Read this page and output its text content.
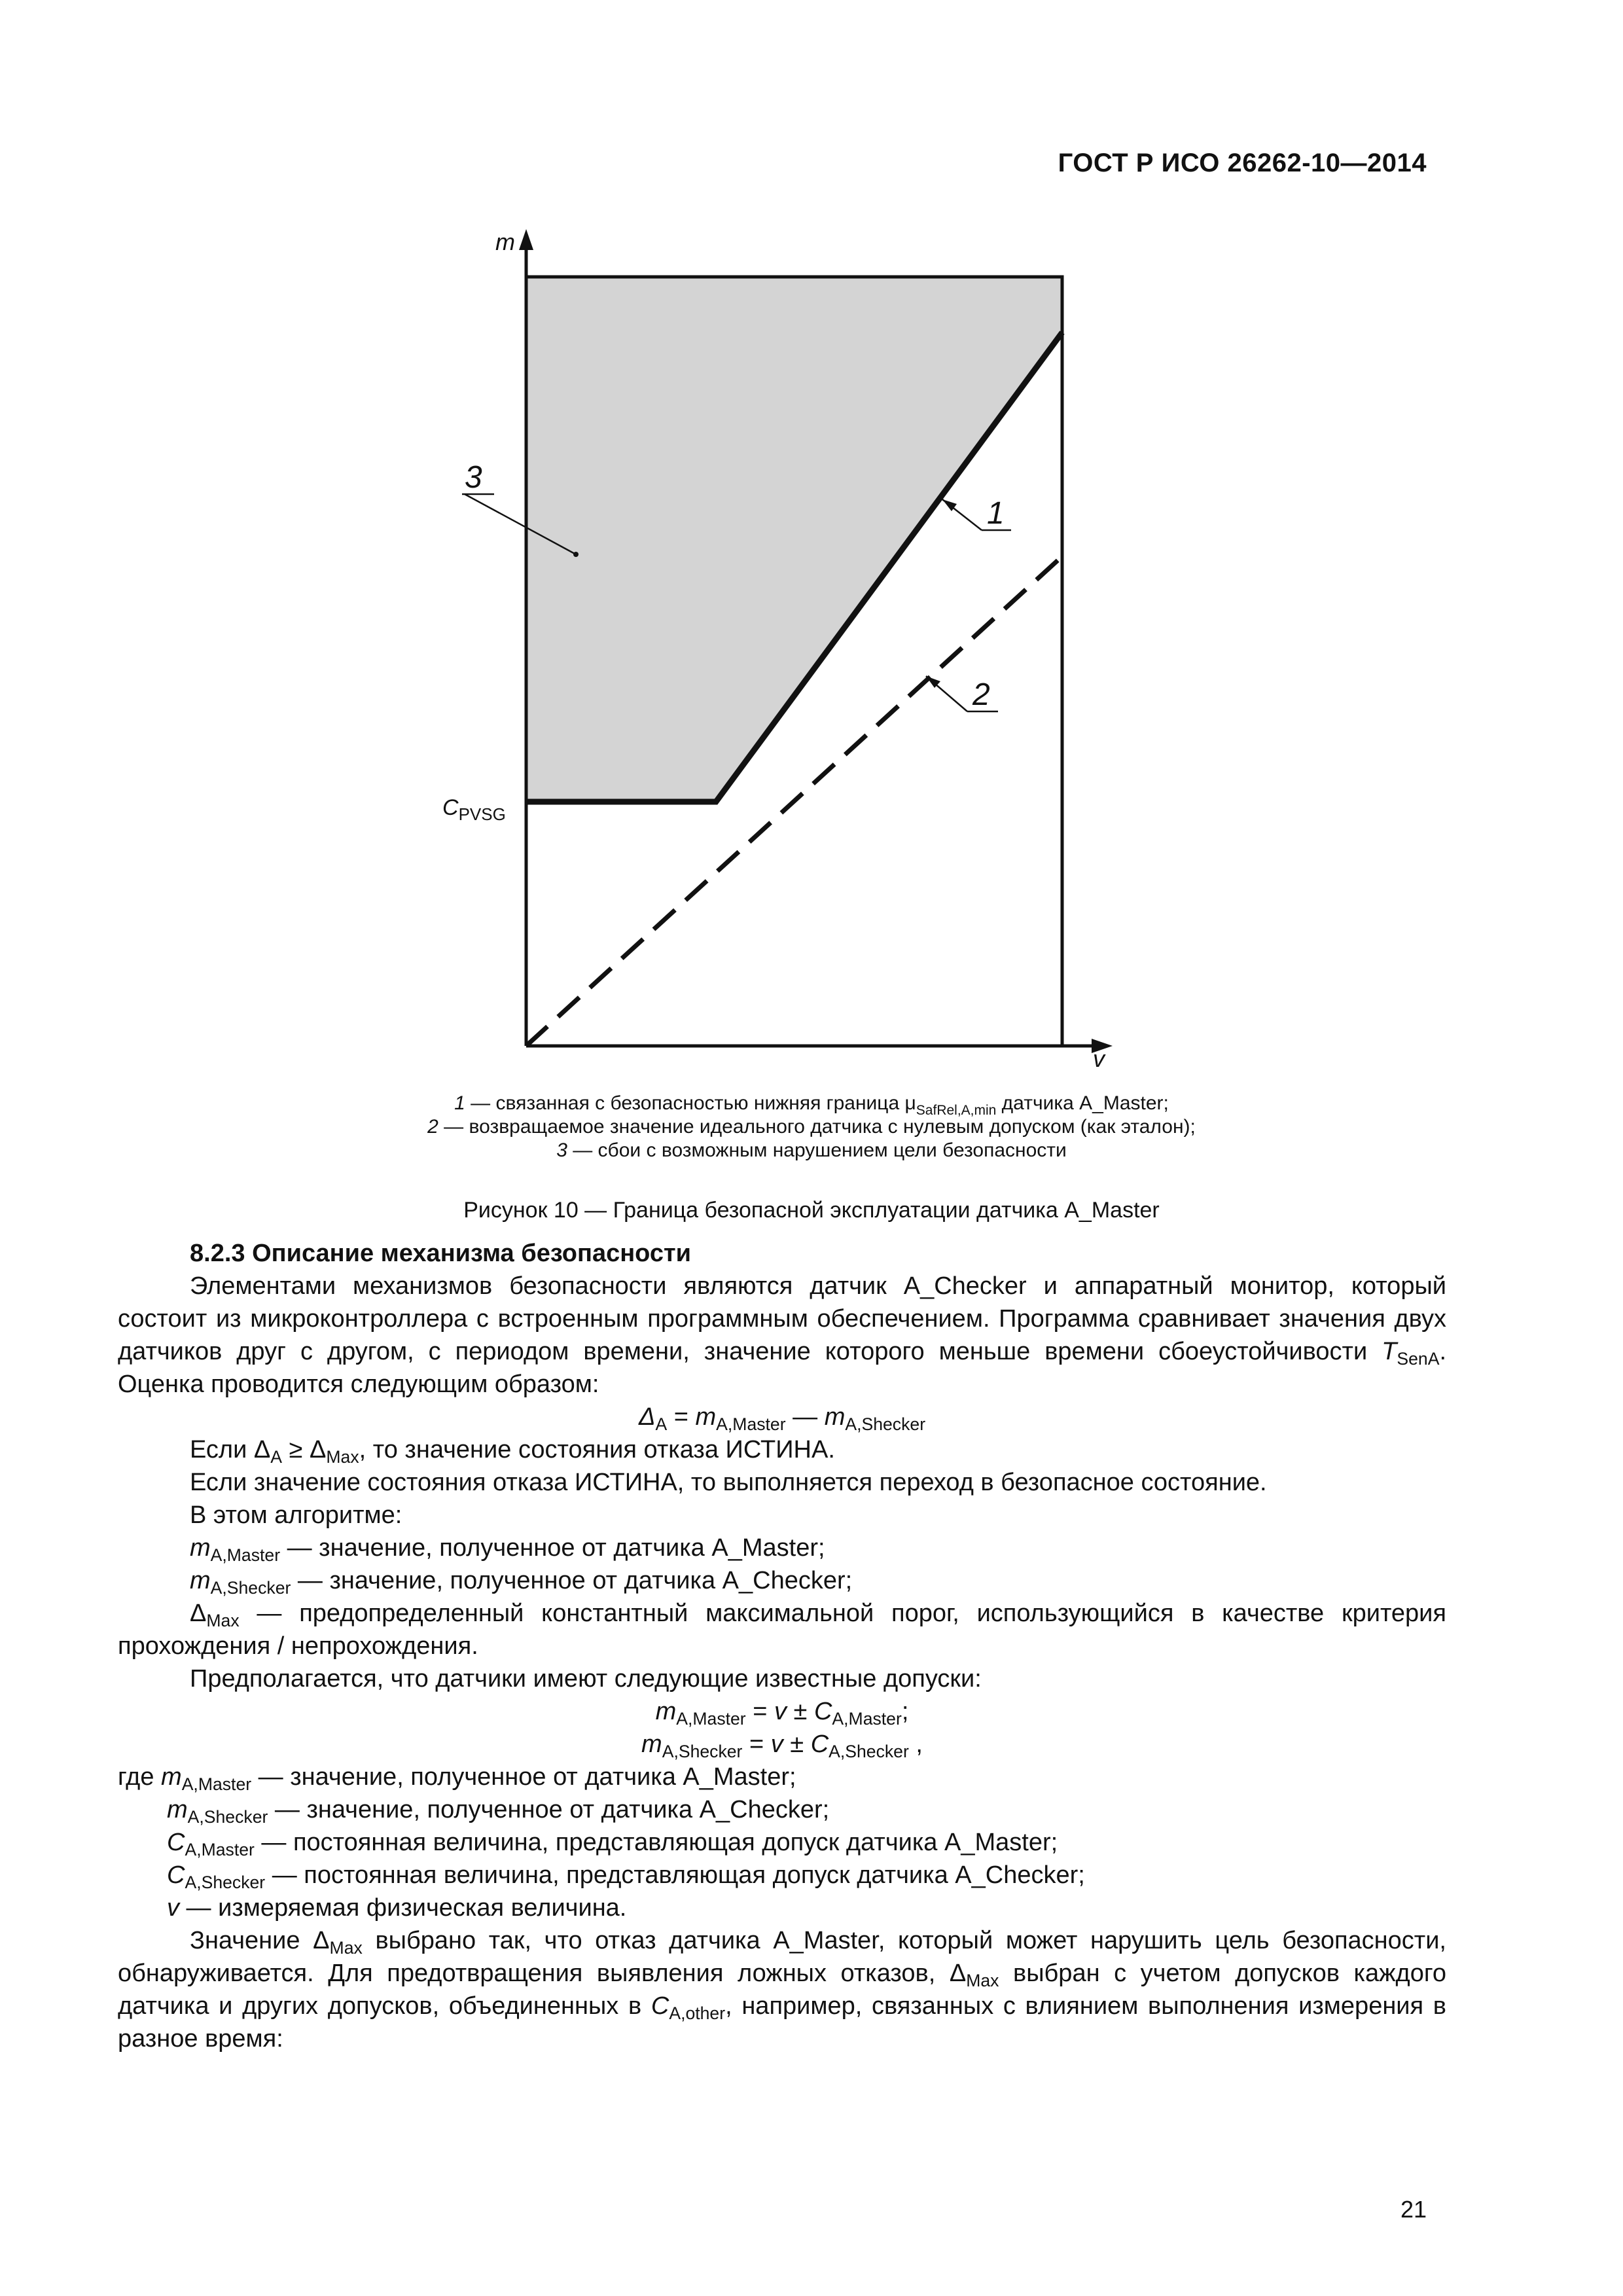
ГОСТ Р ИСО 26262-10—2014
3
1
2
m
v
$C_{PVSG}$
1 — связанная с безопасностью нижняя граница $\mu_{SafRel,A,min}$ датчика A_Master;
2 — возвращаемое значение идеального датчика с нулевым допуском (как эталон);
3 — сбои с возможным нарушением цели безопасности
Рисунок 10 — Граница безопасной эксплуатации датчика A_Master

8.2.3 Описание механизма безопасности

Элементами механизмов безопасности являются датчик A_Checker и аппаратный монитор, который состоит из микроконтроллера с встроенным программным обеспечением. Программа сравнивает значения двух датчиков друг с другом, с периодом времени, значение которого меньше времени сбоеустойчивости $T_{SenA}$. Оценка проводится следующим образом:

$\Delta_A = m_{A,Master}$ — $m_{A,Shecker}$

Если $\Delta_A \ge \Delta_{Max}$, то значение состояния отказа ИСТИНА.

Если значение состояния отказа ИСТИНА, то выполняется переход в безопасное состояние.

В этом алгоритме:

$m_{A,Master}$ — значение, полученное от датчика A_Master;

$m_{A,Shecker}$ — значение, полученное от датчика A_Checker;

$\Delta_{Max}$ — предопределенный константный максимальной порог, использующийся в качестве критерия прохождения / непрохождения.

Предполагается, что датчики имеют следующие известные допуски:

$m_{A,Master} = v \pm C_{A,Master}$;

$m_{A,Shecker} = v \pm C_{A,Shecker}$ ,

где $m_{A,Master}$ — значение, полученное от датчика A_Master;

$m_{A,Shecker}$ — значение, полученное от датчика A_Checker;

$C_{A,Master}$ — постоянная величина, представляющая допуск датчика A_Master;

$C_{A,Shecker}$ — постоянная величина, представляющая допуск датчика A_Checker;

v — измеряемая физическая величина.

Значение $\Delta_{Max}$ выбрано так, что отказ датчика A_Master, который может нарушить цель безопасности, обнаруживается. Для предотвращения выявления ложных отказов, $\Delta_{Max}$ выбран с учетом допусков каждого датчика и других допусков, объединенных в $C_{A,other}$, например, связанных с влиянием выполнения измерения в разное время:

21
